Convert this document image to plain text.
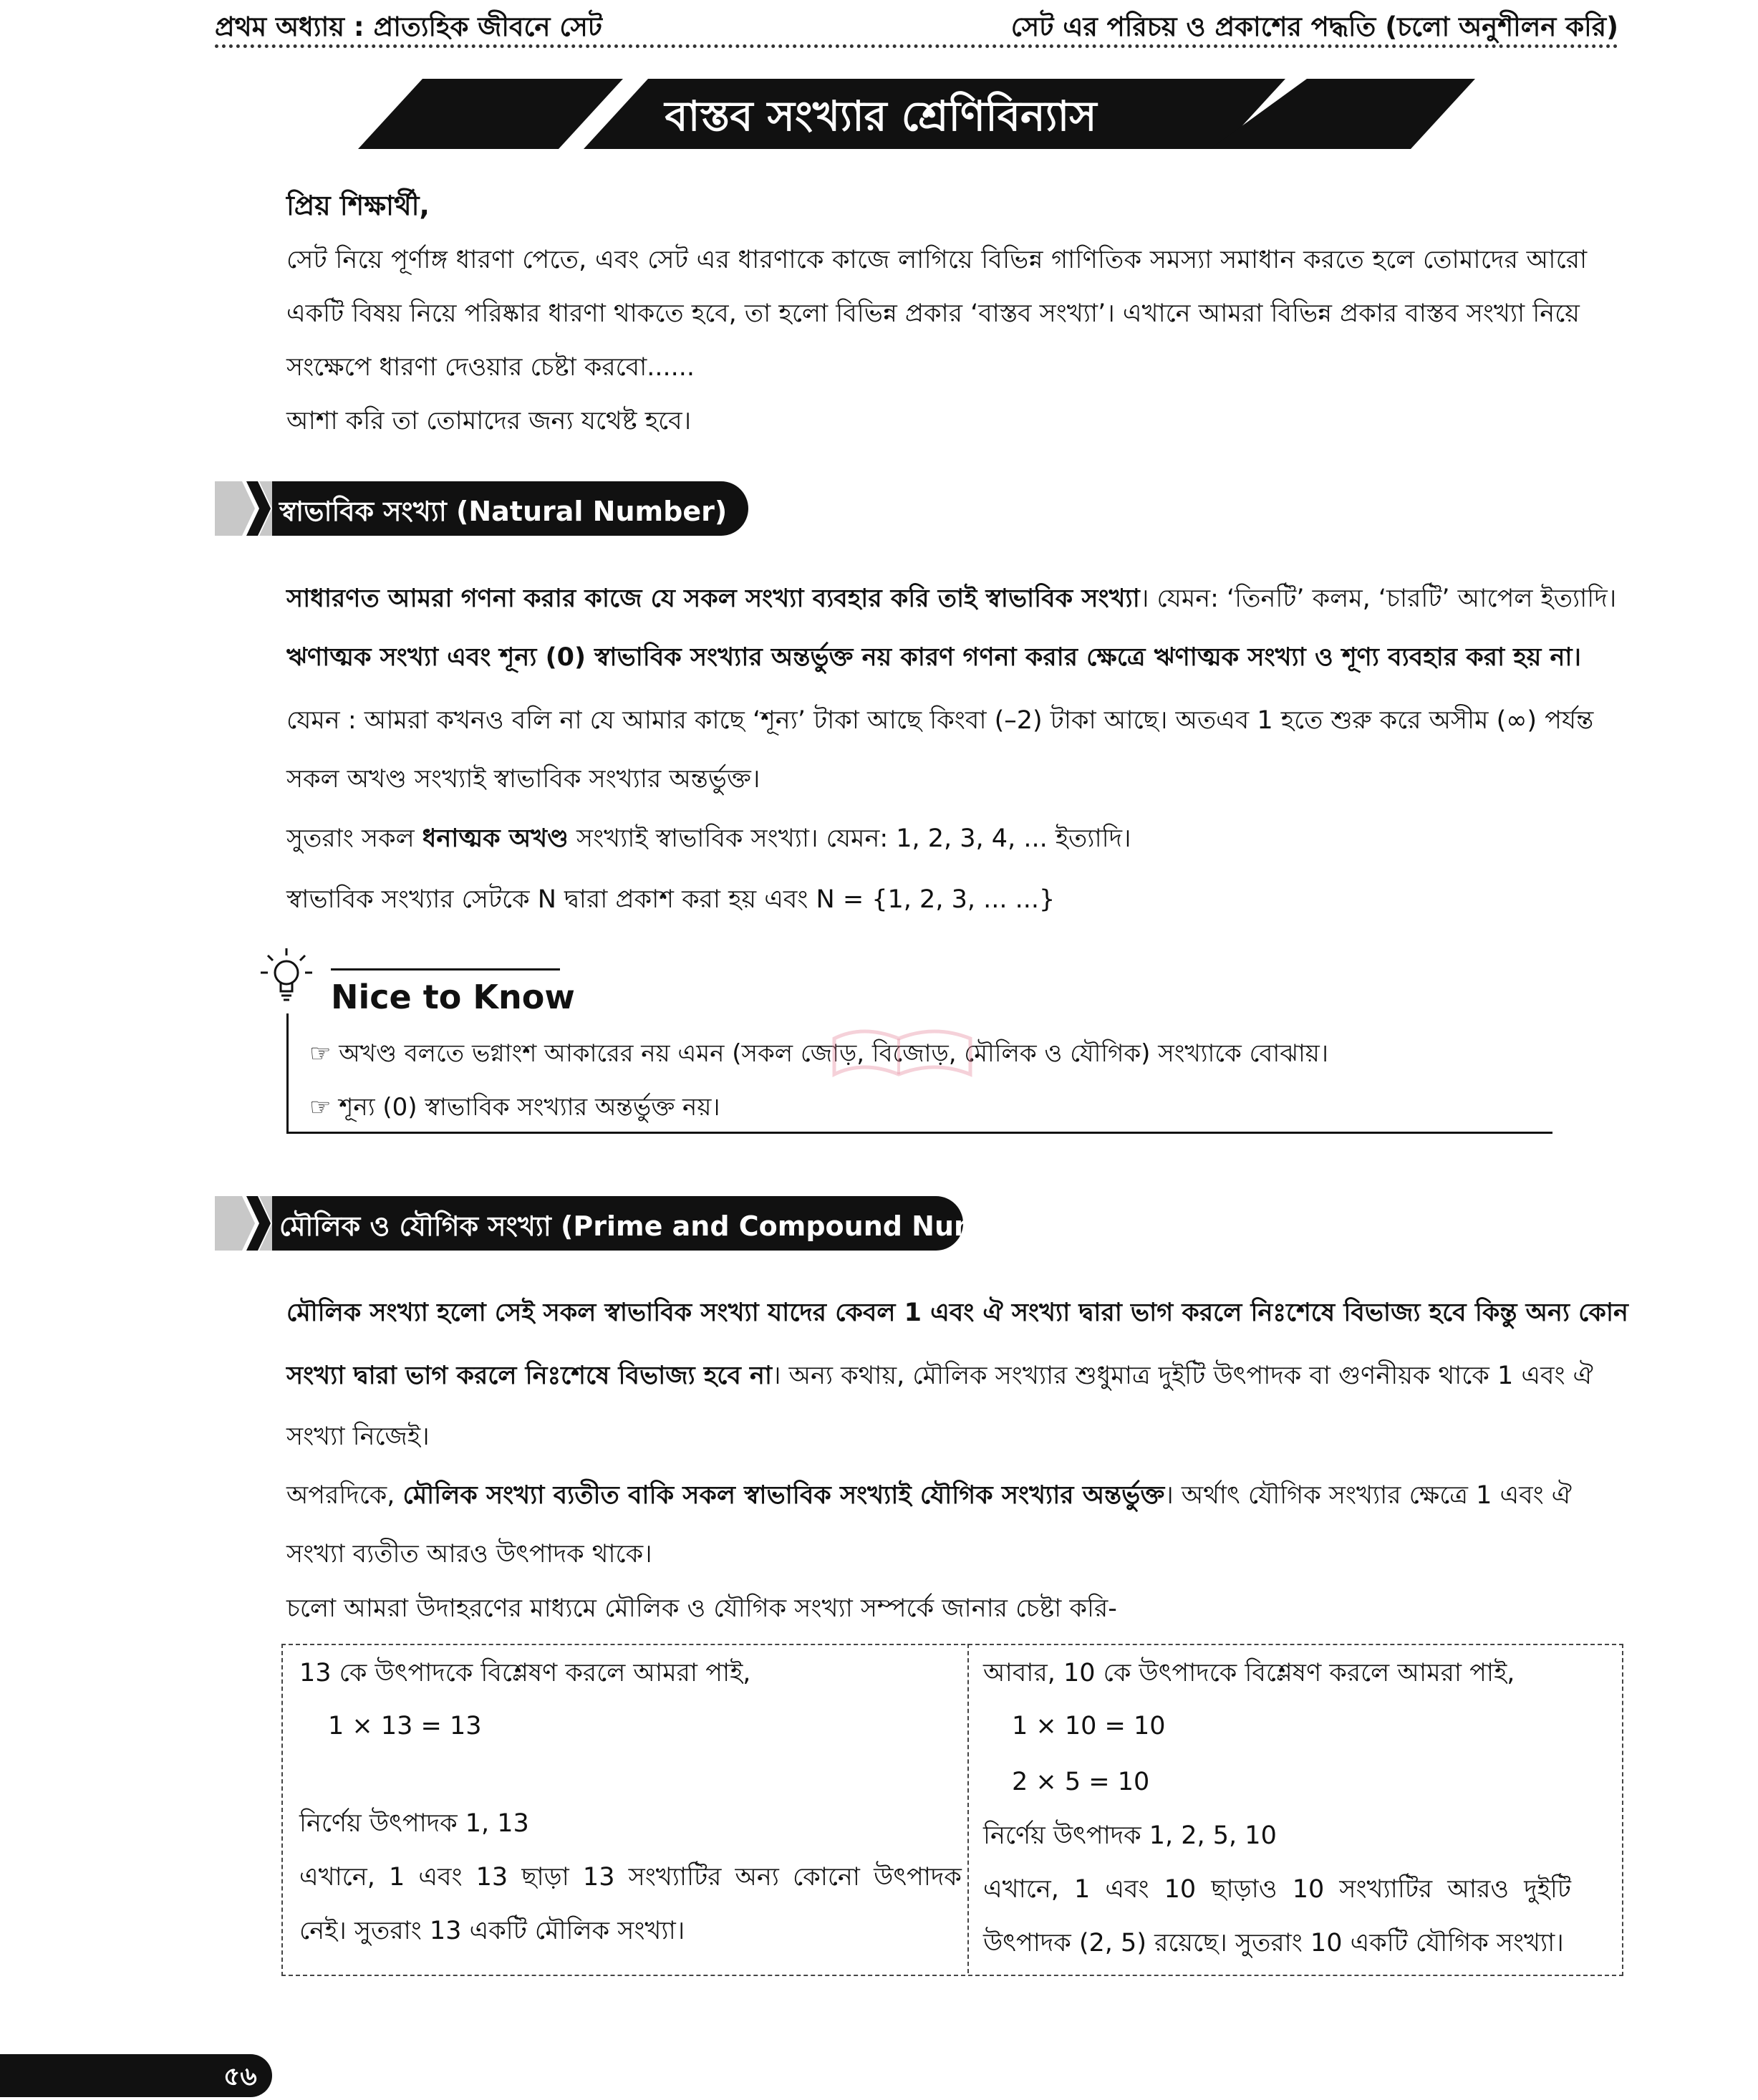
প্রথম অধ্যায় : প্রাত্যহিক জীবনে সেট	সেট এর পরিচয় ও প্রকাশের পদ্ধতি (চলো অনুশীলন করি)
বাস্তব সংখ্যার শ্রেণিবিন্যাস
প্রিয় শিক্ষার্থী,
সেট নিয়ে পূর্ণাঙ্গ ধারণা পেতে, এবং সেট এর ধারণাকে কাজে লাগিয়ে বিভিন্ন গাণিতিক সমস্যা সমাধান করতে হলে তোমাদের আরো
একটি বিষয় নিয়ে পরিষ্কার ধারণা থাকতে হবে, তা হলো বিভিন্ন প্রকার ‘বাস্তব সংখ্যা’। এখানে আমরা বিভিন্ন প্রকার বাস্তব সংখ্যা নিয়ে
সংক্ষেপে ধারণা দেওয়ার চেষ্টা করবো......
আশা করি তা তোমাদের জন্য যথেষ্ট হবে।
স্বাভাবিক সংখ্যা (Natural Number)
সাধারণত আমরা গণনা করার কাজে যে সকল সংখ্যা ব্যবহার করি তাই স্বাভাবিক সংখ্যা। যেমন: ‘তিনটি’ কলম, ‘চারটি’ আপেল ইত্যাদি।
ঋণাত্মক সংখ্যা এবং শূন্য (0) স্বাভাবিক সংখ্যার অন্তর্ভুক্ত নয় কারণ গণনা করার ক্ষেত্রে ঋণাত্মক সংখ্যা ও শূণ্য ব্যবহার করা হয় না।
যেমন : আমরা কখনও বলি না যে আমার কাছে ‘শূন্য’ টাকা আছে কিংবা (–2) টাকা আছে। অতএব 1 হতে শুরু করে অসীম (∞) পর্যন্ত
সকল অখণ্ড সংখ্যাই স্বাভাবিক সংখ্যার অন্তর্ভুক্ত।
সুতরাং সকল ধনাত্মক অখণ্ড সংখ্যাই স্বাভাবিক সংখ্যা। যেমন: 1, 2, 3, 4, ... ইত্যাদি।
স্বাভাবিক সংখ্যার সেটকে N দ্বারা প্রকাশ করা হয় এবং N = {1, 2, 3, ... ...}
Nice to Know
☞ অখণ্ড বলতে ভগ্নাংশ আকারের নয় এমন (সকল জোড়, বিজোড়, মৌলিক ও যৌগিক) সংখ্যাকে বোঝায়।
☞ শূন্য (0) স্বাভাবিক সংখ্যার অন্তর্ভুক্ত নয়।
মৌলিক ও যৌগিক সংখ্যা (Prime and Compound Number)
মৌলিক সংখ্যা হলো সেই সকল স্বাভাবিক সংখ্যা যাদের কেবল 1 এবং ঐ সংখ্যা দ্বারা ভাগ করলে নিঃশেষে বিভাজ্য হবে কিন্তু অন্য কোন
সংখ্যা দ্বারা ভাগ করলে নিঃশেষে বিভাজ্য হবে না। অন্য কথায়, মৌলিক সংখ্যার শুধুমাত্র দুইটি উৎপাদক বা গুণনীয়ক থাকে 1 এবং ঐ
সংখ্যা নিজেই।
অপরদিকে, মৌলিক সংখ্যা ব্যতীত বাকি সকল স্বাভাবিক সংখ্যাই যৌগিক সংখ্যার অন্তর্ভুক্ত। অর্থাৎ যৌগিক সংখ্যার ক্ষেত্রে 1 এবং ঐ
সংখ্যা ব্যতীত আরও উৎপাদক থাকে।
চলো আমরা উদাহরণের মাধ্যমে মৌলিক ও যৌগিক সংখ্যা সম্পর্কে জানার চেষ্টা করি-
13 কে উৎপাদকে বিশ্লেষণ করলে আমরা পাই,
1 × 13 = 13
নির্ণেয় উৎপাদক 1, 13
এখানে, 1 এবং 13 ছাড়া 13 সংখ্যাটির অন্য কোনো উৎপাদক
নেই। সুতরাং 13 একটি মৌলিক সংখ্যা।
আবার, 10 কে উৎপাদকে বিশ্লেষণ করলে আমরা পাই,
1 × 10 = 10
2 × 5 = 10
নির্ণেয় উৎপাদক 1, 2, 5, 10
এখানে, 1 এবং 10 ছাড়াও 10 সংখ্যাটির আরও দুইটি
উৎপাদক (2, 5) রয়েছে। সুতরাং 10 একটি যৌগিক সংখ্যা।
৫৬
